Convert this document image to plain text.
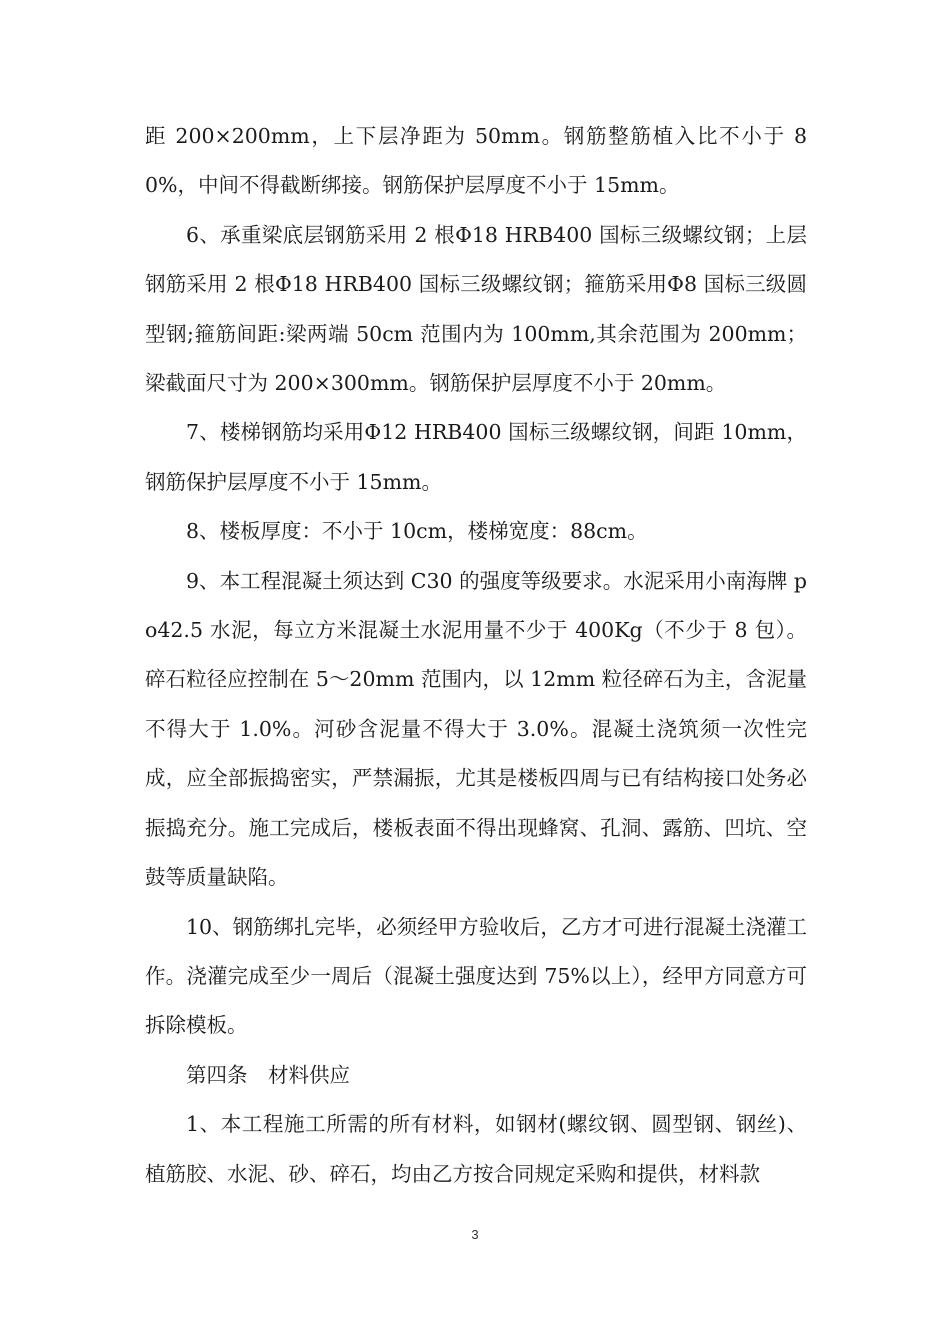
距 200×200mm，上下层净距为 50mm。钢筋整筋植入比不小于 80%，中间不得截断绑接。钢筋保护层厚度不小于 15mm。

6、承重梁底层钢筋采用 2 根Φ18 HRB400 国标三级螺纹钢；上层钢筋采用 2 根Φ18 HRB400 国标三级螺纹钢；箍筋采用Φ8 国标三级圆型钢;箍筋间距:梁两端 50cm 范围内为 100mm,其余范围为 200mm；梁截面尺寸为 200×300mm。钢筋保护层厚度不小于 20mm。

7、楼梯钢筋均采用Φ12 HRB400 国标三级螺纹钢，间距 10mm，钢筋保护层厚度不小于 15mm。

8、楼板厚度：不小于 10cm，楼梯宽度：88cm。

9、本工程混凝土须达到 C30 的强度等级要求。水泥采用小南海牌 po42.5 水泥，每立方米混凝土水泥用量不少于 400Kg（不少于 8 包）。碎石粒径应控制在 5～20mm 范围内，以 12mm 粒径碎石为主，含泥量不得大于 1.0%。河砂含泥量不得大于 3.0%。混凝土浇筑须一次性完成，应全部振捣密实，严禁漏振，尤其是楼板四周与已有结构接口处务必振捣充分。施工完成后，楼板表面不得出现蜂窝、孔洞、露筋、凹坑、空鼓等质量缺陷。

10、钢筋绑扎完毕，必须经甲方验收后，乙方才可进行混凝土浇灌工作。浇灌完成至少一周后（混凝土强度达到 75%以上），经甲方同意方可拆除模板。

第四条　材料供应

1、本工程施工所需的所有材料，如钢材(螺纹钢、圆型钢、钢丝)、植筋胶、水泥、砂、碎石，均由乙方按合同规定采购和提供，材料款

3
